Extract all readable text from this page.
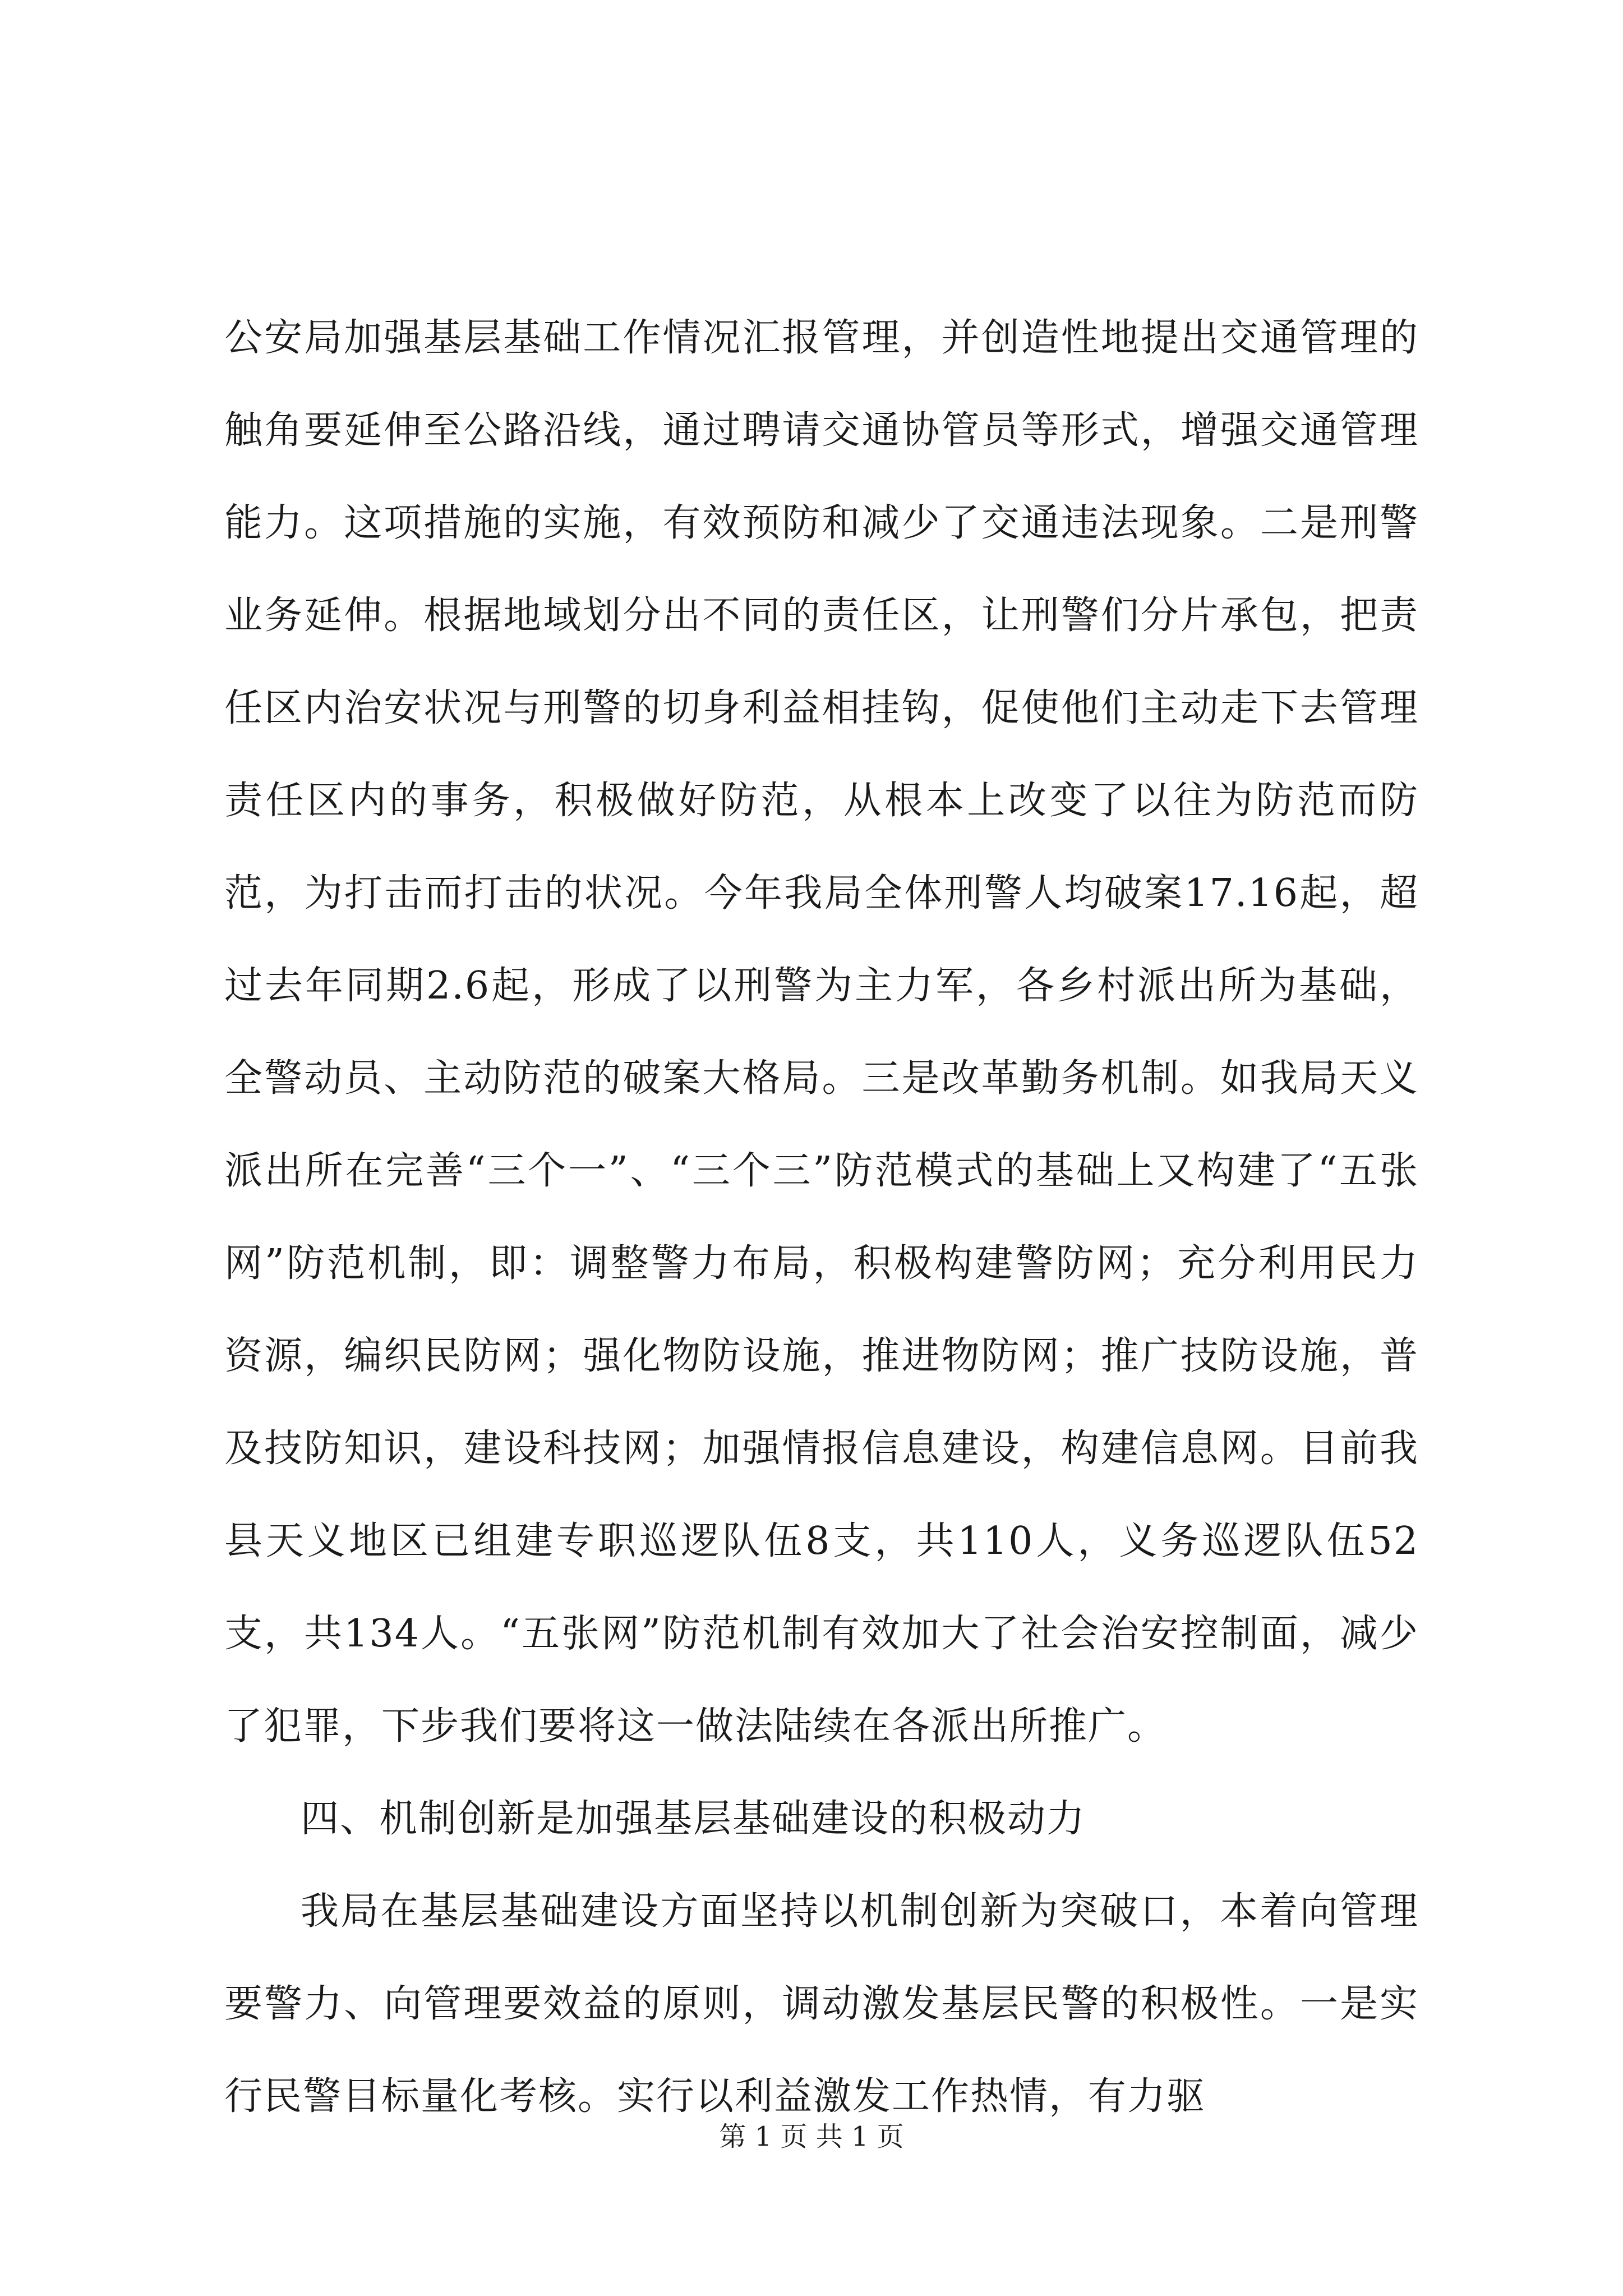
公安局加强基层基础工作情况汇报管理，并创造性地提出交通管理的触角要延伸至公路沿线，通过聘请交通协管员等形式，增强交通管理能力。这项措施的实施，有效预防和减少了交通违法现象。二是刑警业务延伸。根据地域划分出不同的责任区，让刑警们分片承包，把责任区内治安状况与刑警的切身利益相挂钩，促使他们主动走下去管理责任区内的事务，积极做好防范，从根本上改变了以往为防范而防范，为打击而打击的状况。今年我局全体刑警人均破案17.16起，超过去年同期2.6起，形成了以刑警为主力军，各乡村派出所为基础，全警动员、主动防范的破案大格局。三是改革勤务机制。如我局天义派出所在完善“三个一”、“三个三”防范模式的基础上又构建了“五张网”防范机制，即：调整警力布局，积极构建警防网；充分利用民力资源，编织民防网；强化物防设施，推进物防网；推广技防设施，普及技防知识，建设科技网；加强情报信息建设，构建信息网。目前我县天义地区已组建专职巡逻队伍8支，共110人，义务巡逻队伍52支，共134人。“五张网”防范机制有效加大了社会治安控制面，减少了犯罪，下步我们要将这一做法陆续在各派出所推广。

四、机制创新是加强基层基础建设的积极动力

我局在基层基础建设方面坚持以机制创新为突破口，本着向管理要警力、向管理要效益的原则，调动激发基层民警的积极性。一是实行民警目标量化考核。实行以利益激发工作热情，有力驱

第 1 页 共 1 页
